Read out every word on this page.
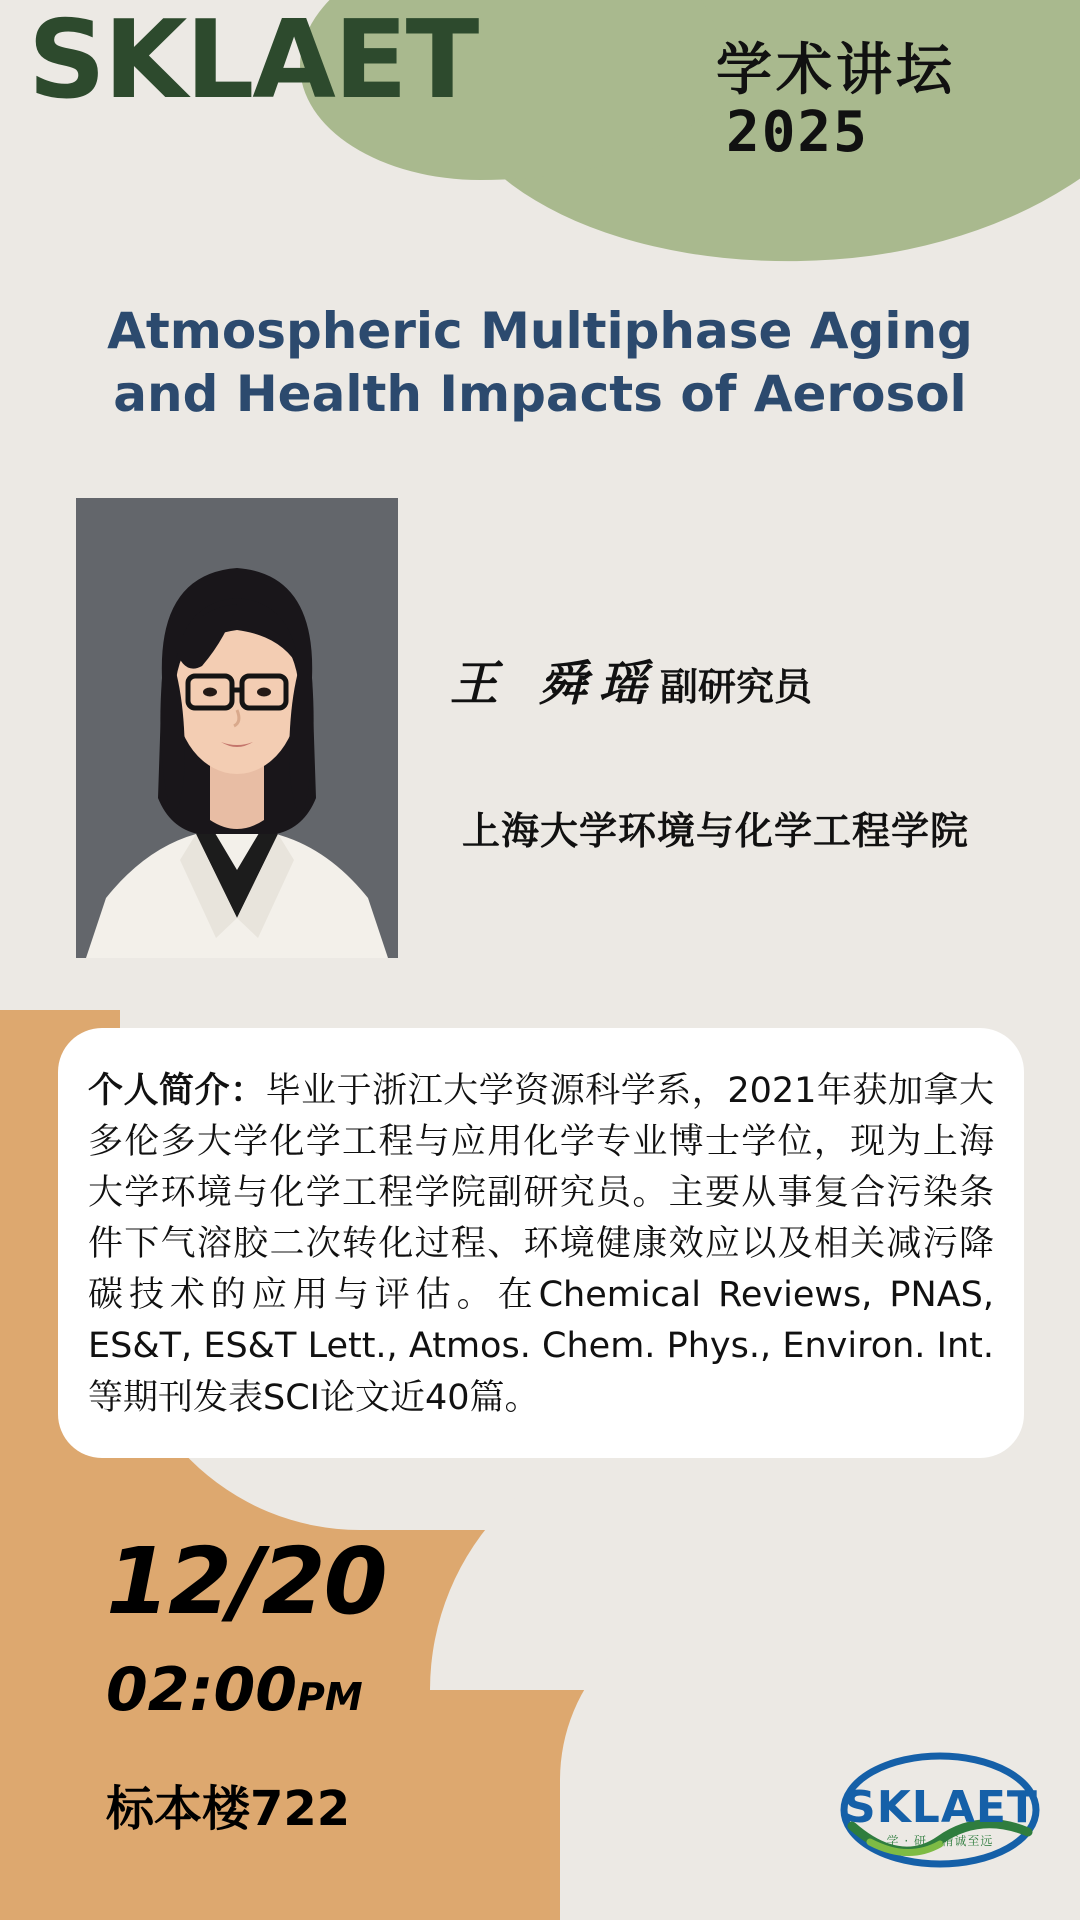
SKLAET	学术讲坛
2025
Atmospheric Multiphase Aging and Health Impacts of Aerosol
王 舜瑶 副研究员
上海大学环境与化学工程学院
个人简介：毕业于浙江大学资源科学系，2021年获加拿大多伦多大学化学工程与应用化学专业博士学位，现为上海大学环境与化学工程学院副研究员。主要从事复合污染条件下气溶胶二次转化过程、环境健康效应以及相关减污降碳技术的应用与评估。在Chemical Reviews, PNAS, ES&T, ES&T Lett., Atmos. Chem. Phys., Environ. Int.等期刊发表SCI论文近40篇。
12/20
02:00PM
标本楼722	SKLAET
学 · 研 · 精诚至远
